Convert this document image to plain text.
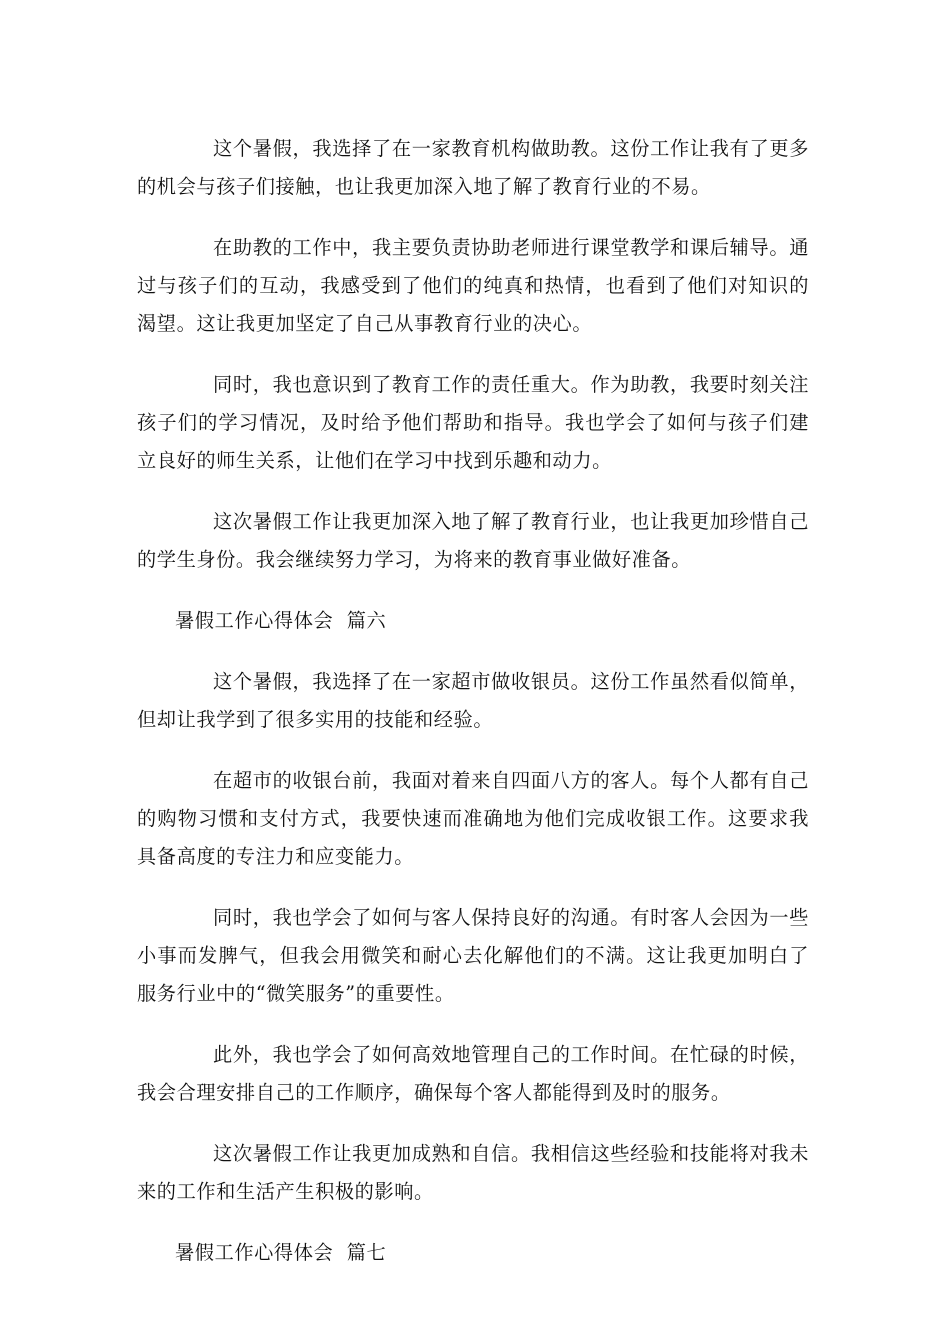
这个暑假，我选择了在一家教育机构做助教。这份工作让我有了更多的机会与孩子们接触，也让我更加深入地了解了教育行业的不易。

在助教的工作中，我主要负责协助老师进行课堂教学和课后辅导。通过与孩子们的互动，我感受到了他们的纯真和热情，也看到了他们对知识的渴望。这让我更加坚定了自己从事教育行业的决心。

同时，我也意识到了教育工作的责任重大。作为助教，我要时刻关注孩子们的学习情况，及时给予他们帮助和指导。我也学会了如何与孩子们建立良好的师生关系，让他们在学习中找到乐趣和动力。

这次暑假工作让我更加深入地了解了教育行业，也让我更加珍惜自己的学生身份。我会继续努力学习，为将来的教育事业做好准备。

暑假工作心得体会  篇六

这个暑假，我选择了在一家超市做收银员。这份工作虽然看似简单，但却让我学到了很多实用的技能和经验。

在超市的收银台前，我面对着来自四面八方的客人。每个人都有自己的购物习惯和支付方式，我要快速而准确地为他们完成收银工作。这要求我具备高度的专注力和应变能力。

同时，我也学会了如何与客人保持良好的沟通。有时客人会因为一些小事而发脾气，但我会用微笑和耐心去化解他们的不满。这让我更加明白了服务行业中的“微笑服务”的重要性。

此外，我也学会了如何高效地管理自己的工作时间。在忙碌的时候，我会合理安排自己的工作顺序，确保每个客人都能得到及时的服务。

这次暑假工作让我更加成熟和自信。我相信这些经验和技能将对我未来的工作和生活产生积极的影响。

暑假工作心得体会  篇七
